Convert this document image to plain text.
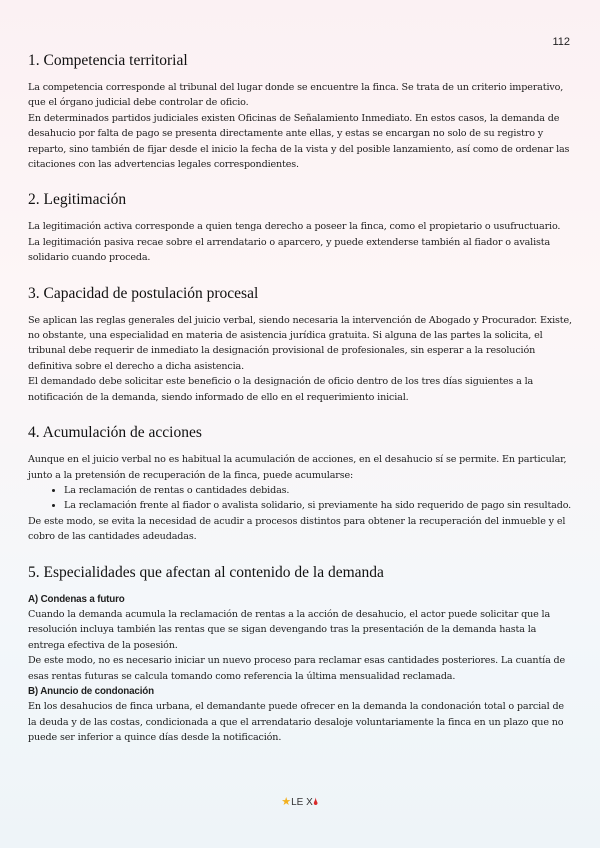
112
1. Competencia territorial

La competencia corresponde al tribunal del lugar donde se encuentre la finca. Se trata de un criterio imperativo, que el órgano judicial debe controlar de oficio.

En determinados partidos judiciales existen Oficinas de Señalamiento Inmediato. En estos casos, la demanda de desahucio por falta de pago se presenta directamente ante ellas, y estas se encargan no solo de su registro y reparto, sino también de fijar desde el inicio la fecha de la vista y del posible lanzamiento, así como de ordenar las citaciones con las advertencias legales correspondientes.

2. Legitimación

La legitimación activa corresponde a quien tenga derecho a poseer la finca, como el propietario o usufructuario. La legitimación pasiva recae sobre el arrendatario o aparcero, y puede extenderse también al fiador o avalista solidario cuando proceda.

3. Capacidad de postulación procesal

Se aplican las reglas generales del juicio verbal, siendo necesaria la intervención de Abogado y Procurador. Existe, no obstante, una especialidad en materia de asistencia jurídica gratuita. Si alguna de las partes la solicita, el tribunal debe requerir de inmediato la designación provisional de profesionales, sin esperar a la resolución definitiva sobre el derecho a dicha asistencia.

El demandado debe solicitar este beneficio o la designación de oficio dentro de los tres días siguientes a la notificación de la demanda, siendo informado de ello en el requerimiento inicial.

4. Acumulación de acciones

Aunque en el juicio verbal no es habitual la acumulación de acciones, en el desahucio sí se permite. En particular, junto a la pretensión de recuperación de la finca, puede acumularse:

• La reclamación de rentas o cantidades debidas.
• La reclamación frente al fiador o avalista solidario, si previamente ha sido requerido de pago sin resultado.

De este modo, se evita la necesidad de acudir a procesos distintos para obtener la recuperación del inmueble y el cobro de las cantidades adeudadas.

5. Especialidades que afectan al contenido de la demanda

A) Condenas a futuro

Cuando la demanda acumula la reclamación de rentas a la acción de desahucio, el actor puede solicitar que la resolución incluya también las rentas que se sigan devengando tras la presentación de la demanda hasta la entrega efectiva de la posesión.

De este modo, no es necesario iniciar un nuevo proceso para reclamar esas cantidades posteriores. La cuantía de esas rentas futuras se calcula tomando como referencia la última mensualidad reclamada.

B) Anuncio de condonación

En los desahucios de finca urbana, el demandante puede ofrecer en la demanda la condonación total o parcial de la deuda y de las costas, condicionada a que el arrendatario desaloje voluntariamente la finca en un plazo que no puede ser inferior a quince días desde la notificación.

★LE X🌢
